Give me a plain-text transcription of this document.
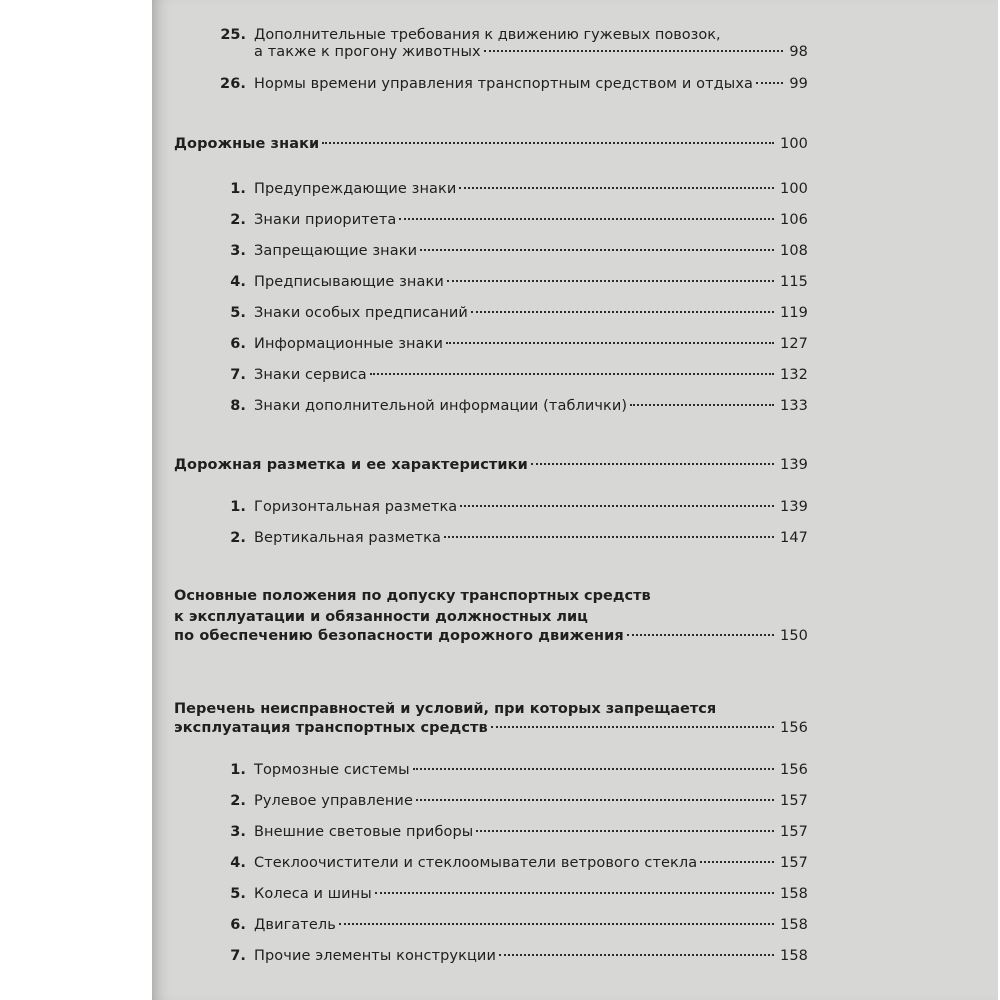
25. Дополнительные требования к движению гужевых повозок,
а также к прогону животных	98
26. Нормы времени управления транспортным средством и отдыха	99
Дорожные знаки	100
1. Предупреждающие знаки	100
2. Знаки приоритета	106
3. Запрещающие знаки	108
4. Предписывающие знаки	115
5. Знаки особых предписаний	119
6. Информационные знаки	127
7. Знаки сервиса	132
8. Знаки дополнительной информации (таблички)	133
Дорожная разметка и ее характеристики	139
1. Горизонтальная разметка	139
2. Вертикальная разметка	147
Основные положения по допуску транспортных средств
к эксплуатации и обязанности должностных лиц
по обеспечению безопасности дорожного движения	150
Перечень неисправностей и условий, при которых запрещается
эксплуатация транспортных средств	156
1. Тормозные системы	156
2. Рулевое управление	157
3. Внешние световые приборы	157
4. Стеклоочистители и стеклоомыватели ветрового стекла	157
5. Колеса и шины	158
6. Двигатель	158
7. Прочие элементы конструкции	158
